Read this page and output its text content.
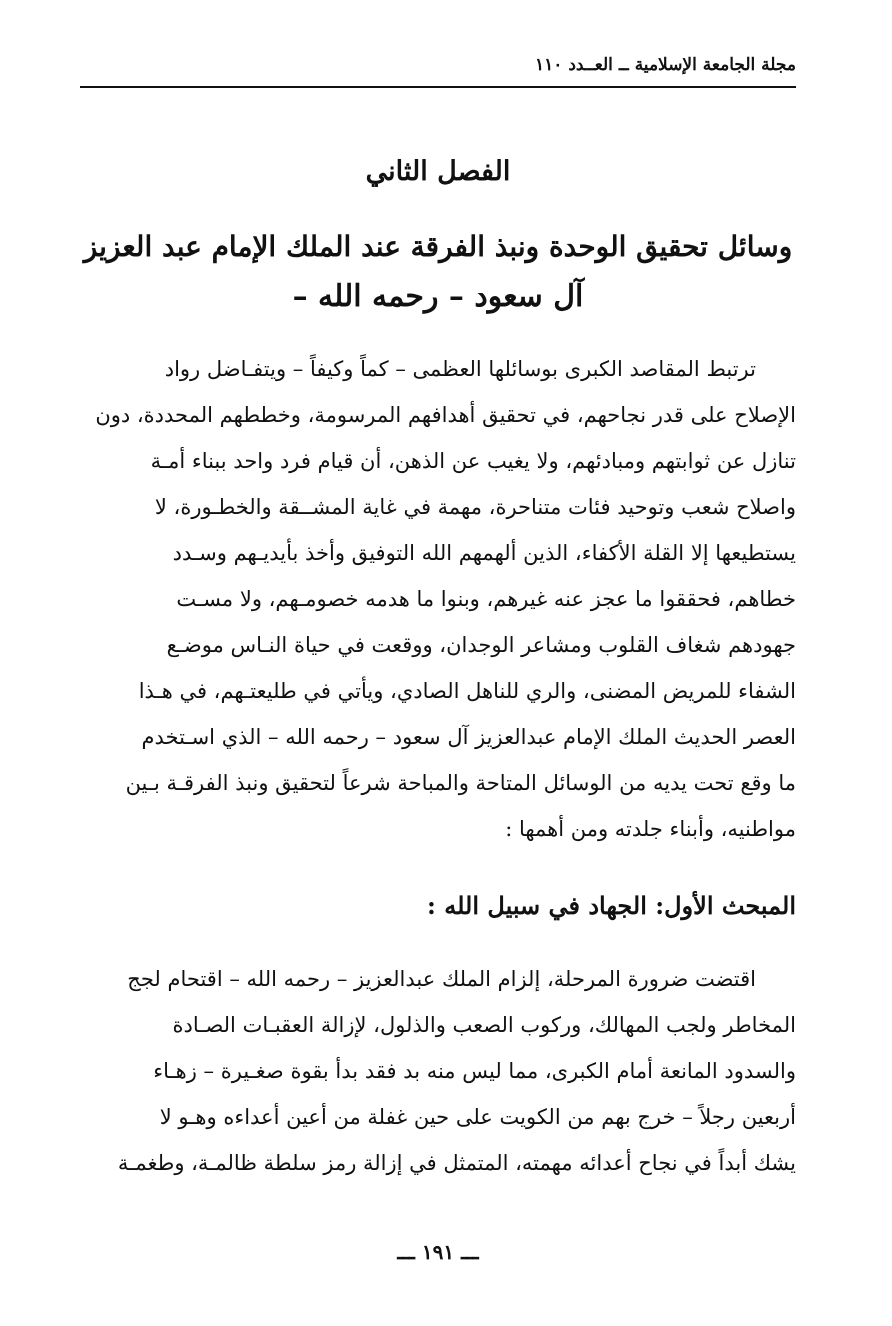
مجلة الجامعة الإسلامية ــ العــدد ١١٠
الفصل الثاني
وسائل تحقيق الوحدة ونبذ الفرقة عند الملك الإمام عبد العزيز
آل سعود – رحمه الله –
ترتبط المقاصد الكبرى بوسائلها العظمى – كماً وكيفاً – ويتفـاضل رواد
الإصلاح على قدر نجاحهم، في تحقيق أهدافهم المرسومة، وخططهم المحددة، دون
تنازل عن ثوابتهم ومبادئهم، ولا يغيب عن الذهن، أن قيام فرد واحد ببناء أمـة
واصلاح شعب وتوحيد فئات متناحرة، مهمة في غاية المشــقة والخطـورة، لا
يستطيعها إلا القلة الأكفاء، الذين ألهمهم الله التوفيق وأخذ بأيديـهم وسـدد
خطاهم، فحققوا ما عجز عنه غيرهم، وبنوا ما هدمه خصومـهم، ولا مسـت
جهودهم شغاف القلوب ومشاعر الوجدان، ووقعت في حياة النـاس موضـع
الشفاء للمريض المضنى، والري للناهل الصادي، ويأتي في طليعتـهم، في هـذا
العصر الحديث الملك الإمام عبدالعزيز آل سعود – رحمه الله – الذي اسـتخدم
ما وقع تحت يديه من الوسائل المتاحة والمباحة شرعاً لتحقيق ونبذ الفرقـة بـين
مواطنيه، وأبناء جلدته ومن أهمها :
المبحث الأول: الجهاد في سبيل الله :
اقتضت ضرورة المرحلة، إلزام الملك عبدالعزيز – رحمه الله – اقتحام لجج
المخاطر ولجب المهالك، وركوب الصعب والذلول، لإزالة العقبـات الصـادة
والسدود المانعة أمام الكبرى، مما ليس منه بد فقد بدأ بقوة صغـيرة – زهـاء
أربعين رجلاً – خرج بهم من الكويت على حين غفلة من أعين أعداءه وهـو لا
يشك أبداً في نجاح أعدائه مهمته، المتمثل في إزالة رمز سلطة ظالمـة، وطغمـة
ـــ ١٩١ ـــ
